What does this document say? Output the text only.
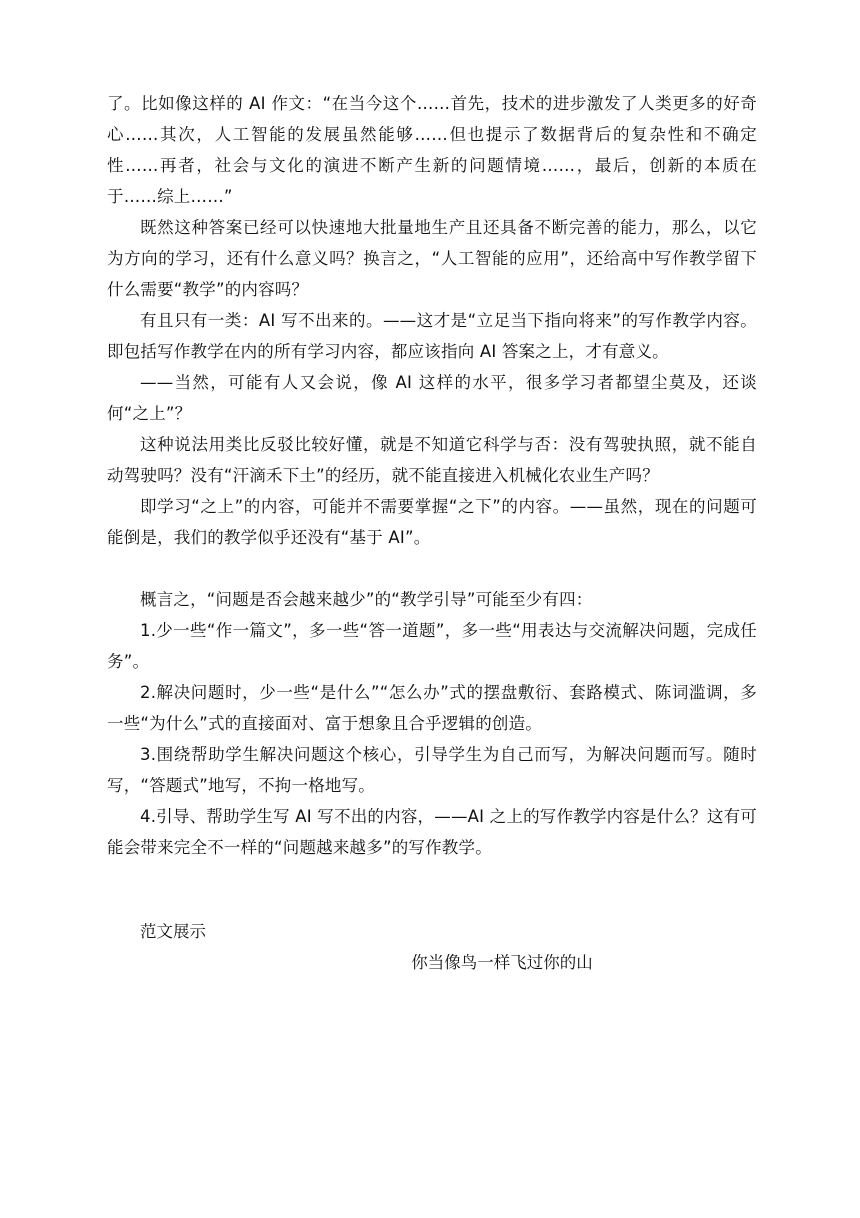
了。比如像这样的 AI 作文：“在当今这个……首先，技术的进步激发了人类更多的好奇心……其次，人工智能的发展虽然能够……但也提示了数据背后的复杂性和不确定性……再者，社会与文化的演进不断产生新的问题情境……，最后，创新的本质在于……综上……”

既然这种答案已经可以快速地大批量地生产且还具备不断完善的能力，那么，以它为方向的学习，还有什么意义吗？换言之，“人工智能的应用”，还给高中写作教学留下什么需要“教学”的内容吗？

有且只有一类：AI 写不出来的。——这才是“立足当下指向将来”的写作教学内容。即包括写作教学在内的所有学习内容，都应该指向 AI 答案之上，才有意义。

——当然，可能有人又会说，像 AI 这样的水平，很多学习者都望尘莫及，还谈何“之上”？

这种说法用类比反驳比较好懂，就是不知道它科学与否：没有驾驶执照，就不能自动驾驶吗？没有“汗滴禾下土”的经历，就不能直接进入机械化农业生产吗？

即学习“之上”的内容，可能并不需要掌握“之下”的内容。——虽然，现在的问题可能倒是，我们的教学似乎还没有“基于 AI”。

概言之，“问题是否会越来越少”的“教学引导”可能至少有四：

1.少一些“作一篇文”，多一些“答一道题”，多一些“用表达与交流解决问题，完成任务”。

2.解决问题时，少一些“是什么”“怎么办”式的摆盘敷衍、套路模式、陈词滥调，多一些“为什么”式的直接面对、富于想象且合乎逻辑的创造。

3.围绕帮助学生解决问题这个核心，引导学生为自己而写，为解决问题而写。随时写，“答题式”地写，不拘一格地写。

4.引导、帮助学生写 AI 写不出的内容，——AI 之上的写作教学内容是什么？这有可能会带来完全不一样的“问题越来越多”的写作教学。

范文展示

你当像鸟一样飞过你的山
